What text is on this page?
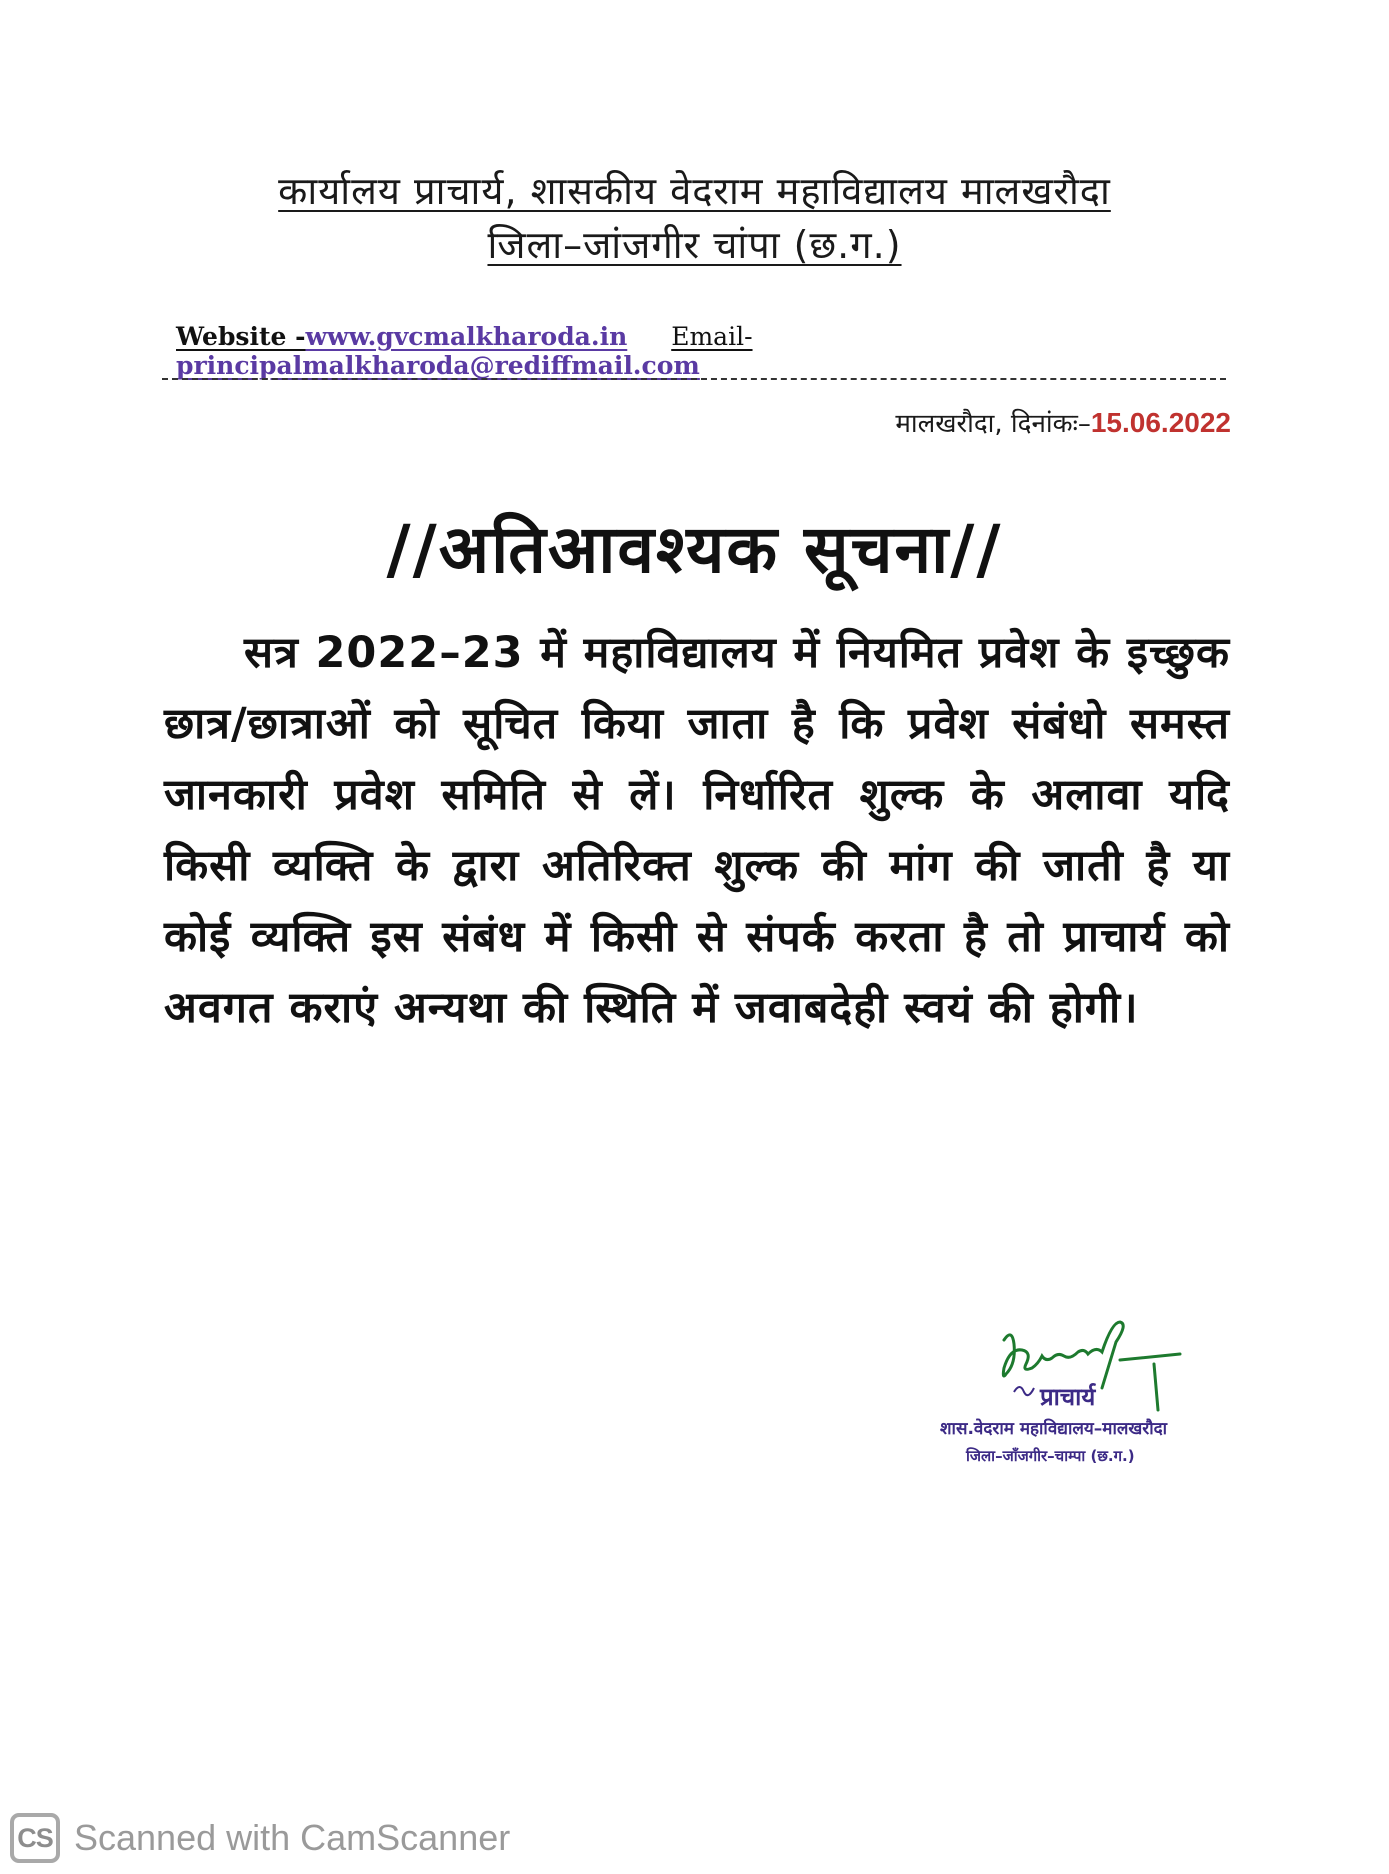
कार्यालय प्राचार्य, शासकीय वेदराम महाविद्यालय मालखरौदा
जिला–जांजगीर चांपा (छ.ग.)
Website -www.gvcmalkharoda.in Email- principalmalkharoda@rediffmail.com
मालखरौदा, दिनांकः–15.06.2022
//अतिआवश्यक सूचना//
सत्र 2022–23 में महाविद्यालय में नियमित प्रवेश के इच्छुक छात्र/छात्राओं को सूचित किया जाता है कि प्रवेश संबंधो समस्त जानकारी प्रवेश समिति से लें। निर्धारित शुल्क के अलावा यदि किसी व्यक्ति के द्वारा अतिरिक्त शुल्क की मांग की जाती है या कोई व्यक्ति इस संबंध में किसी से संपर्क करता है तो प्राचार्य को अवगत कराएं अन्यथा की स्थिति में जवाबदेही स्वयं की होगी।
प्राचार्य
शास.वेदराम महाविद्यालय–मालखरौदा
जिला–जाँजगीर–चाम्पा (छ.ग.)
CS Scanned with CamScanner
